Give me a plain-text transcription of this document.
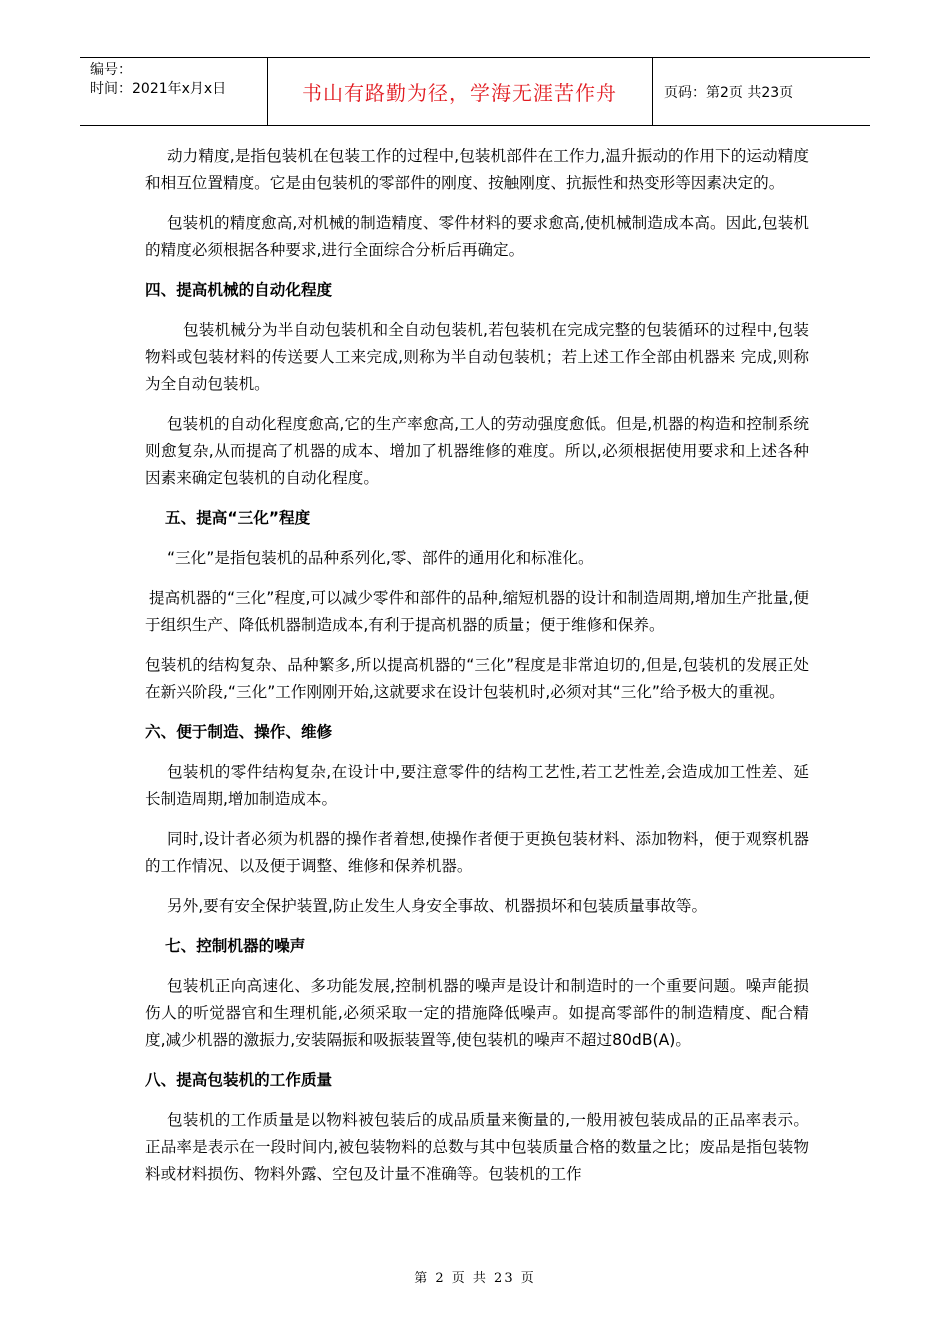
编号：
时间：2021年x月x日	书山有路勤为径，学海无涯苦作舟	页码：第2页 共23页

动力精度,是指包装机在包装工作的过程中,包装机部件在工作力,温升振动的作用下的运动精度和相互位置精度。它是由包装机的零部件的刚度、按触刚度、抗振性和热变形等因素决定的。

包装机的精度愈高,对机械的制造精度、零件材料的要求愈高,使机械制造成本高。因此,包装机的精度必须根据各种要求,进行全面综合分析后再确定。

四、提高机械的自动化程度

包装机械分为半自动包装机和全自动包装机,若包装机在完成完整的包装循环的过程中,包装物料或包装材料的传送要人工来完成,则称为半自动包装机；若上述工作全部由机器来 完成,则称为全自动包装机。

包装机的自动化程度愈高,它的生产率愈高,工人的劳动强度愈低。但是,机器的构造和控制系统则愈复杂,从而提高了机器的成本、增加了机器维修的难度。所以,必须根据使用要求和上述各种因素来确定包装机的自动化程度。

五、提高“三化”程度

“三化”是指包装机的品种系列化,零、部件的通用化和标准化。

提高机器的“三化”程度,可以减少零件和部件的品种,缩短机器的设计和制造周期,增加生产批量,便于组织生产、降低机器制造成本,有利于提高机器的质量；便于维修和保养。

包装机的结构复杂、品种繁多,所以提高机器的“三化”程度是非常迫切的,但是,包装机的发展正处在新兴阶段,“三化”工作刚刚开始,这就要求在设计包装机时,必须对其“三化”给予极大的重视。

六、便于制造、操作、维修

包装机的零件结构复杂,在设计中,要注意零件的结构工艺性,若工艺性差,会造成加工性差、延长制造周期,增加制造成本。

同时,设计者必须为机器的操作者着想,使操作者便于更换包装材料、添加物料，便于观察机器的工作情况、以及便于调整、维修和保养机器。

另外,要有安全保护装置,防止发生人身安全事故、机器损坏和包装质量事故等。

七、控制机器的噪声

包装机正向高速化、多功能发展,控制机器的噪声是设计和制造时的一个重要问题。噪声能损伤人的听觉器官和生理机能,必须采取一定的措施降低噪声。如提高零部件的制造精度、配合精度,减少机器的激振力,安装隔振和吸振装置等,使包装机的噪声不超过80dB(A)。

八、提高包装机的工作质量

包装机的工作质量是以物料被包装后的成品质量来衡量的,一般用被包装成品的正品率表示。正品率是表示在一段时间内,被包装物料的总数与其中包装质量合格的数量之比；废品是指包装物料或材料损伤、物料外露、空包及计量不准确等。包装机的工作

第 2 页 共 23 页
